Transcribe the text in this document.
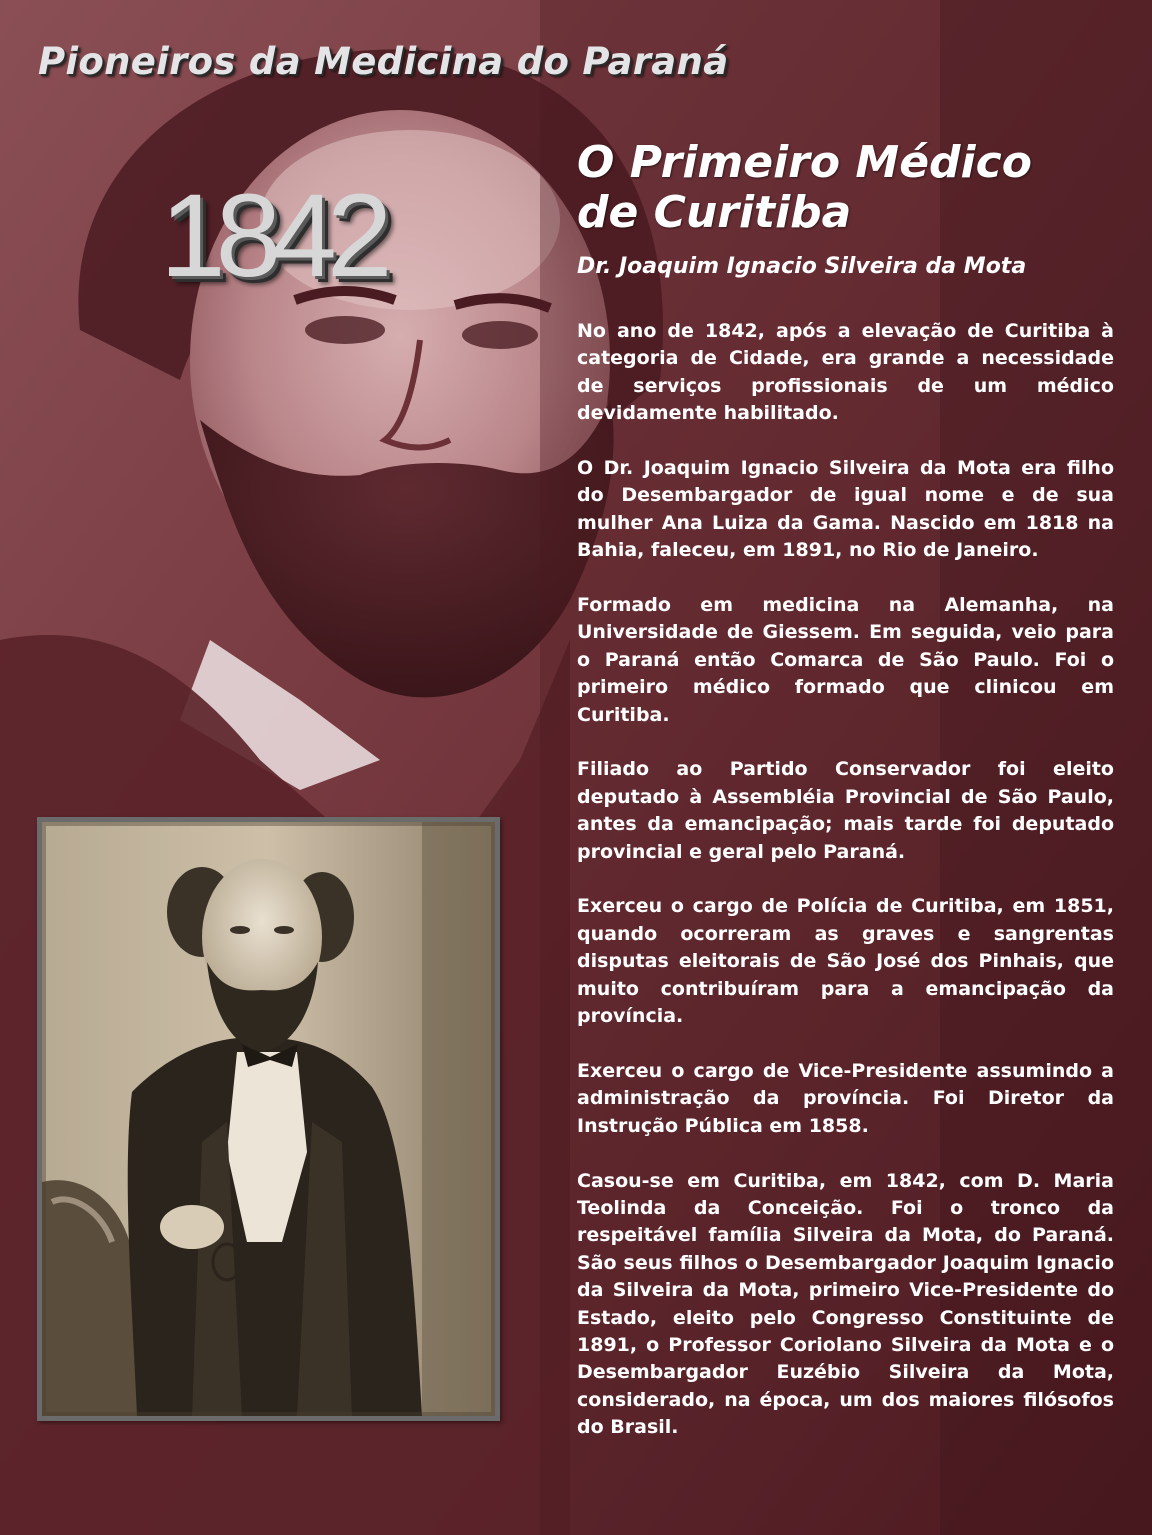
Pioneiros da Medicina do Paraná
1842
O Primeiro Médico
de Curitiba
Dr. Joaquim Ignacio Silveira da Mota

No ano de 1842, após a elevação de Curitiba à categoria de Cidade, era grande a necessidade de serviços profissionais de um médico devidamente habilitado.

O Dr. Joaquim Ignacio Silveira da Mota era filho do Desembargador de igual nome e de sua mulher Ana Luiza da Gama. Nascido em 1818 na Bahia, faleceu, em 1891, no Rio de Janeiro.

Formado em medicina na Alemanha, na Universidade de Giessem. Em seguida, veio para o Paraná então Comarca de São Paulo. Foi o primeiro médico formado que clinicou em Curitiba.

Filiado ao Partido Conservador foi eleito deputado à Assembléia Provincial de São Paulo, antes da emancipação; mais tarde foi deputado provincial e geral pelo Paraná.

Exerceu o cargo de Polícia de Curitiba, em 1851, quando ocorreram as graves e sangrentas disputas eleitorais de São José dos Pinhais, que muito contribuíram para a emancipação da província.

Exerceu o cargo de Vice-Presidente assumindo a administração da província. Foi Diretor da Instrução Pública em 1858.

Casou-se em Curitiba, em 1842, com D. Maria Teolinda da Conceição. Foi o tronco da respeitável família Silveira da Mota, do Paraná. São seus filhos o Desembargador Joaquim Ignacio da Silveira da Mota, primeiro Vice-Presidente do Estado, eleito pelo Congresso Constituinte de 1891, o Professor Coriolano Silveira da Mota e o Desembargador Euzébio Silveira da Mota, considerado, na época, um dos maiores filósofos do Brasil.
